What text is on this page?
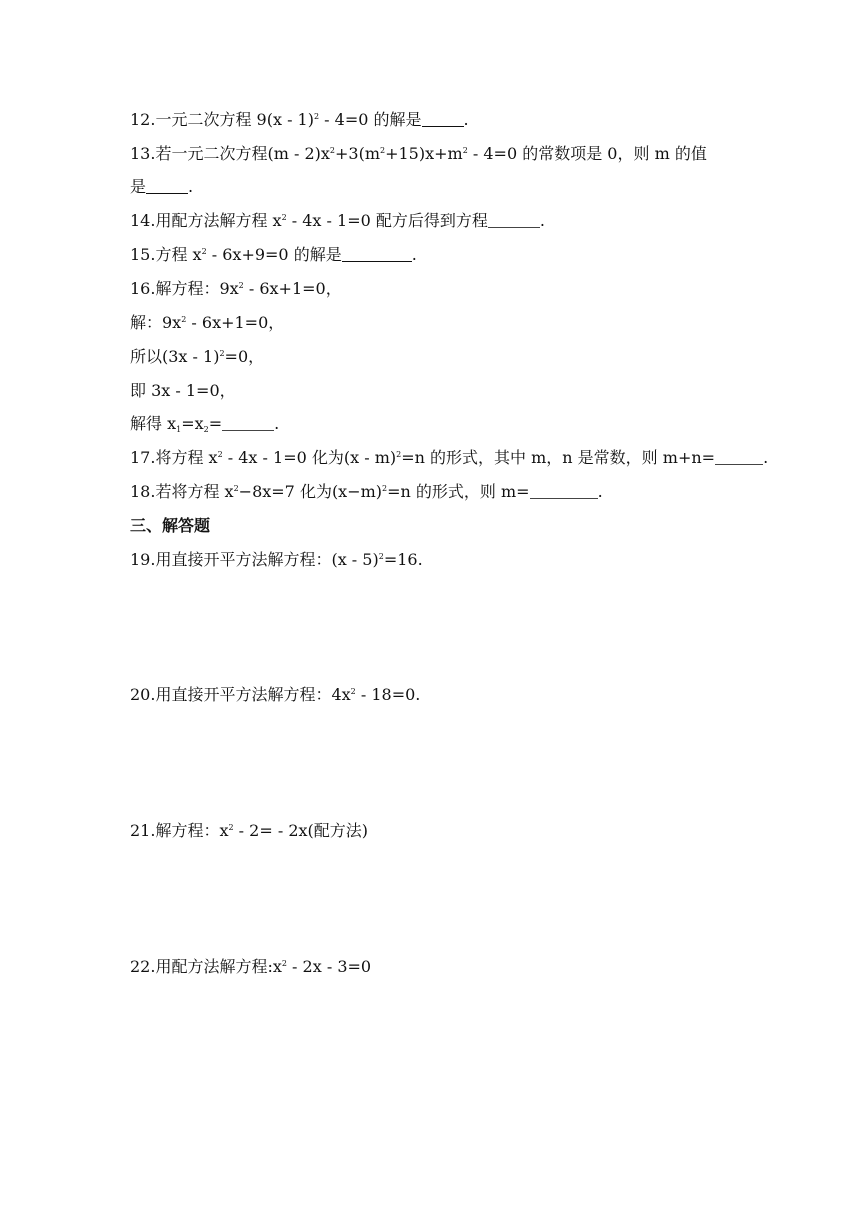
12.一元二次方程 9(x - 1)$^2$ - 4=0 的解是	.
13.若一元二次方程$(m - 2)x^2+3(m^2+15)x+m^2 - 4=0$ 的常数项是 0，则 m 的值
是	.
14.用配方法解方程 $x^2 - 4x - 1=0$ 配方后得到方程	.
15.方程 $x^2 - 6x+9=0$ 的解是	.
16.解方程：$9x^2 - 6x+1=0$，
解：$9x^2 - 6x+1=0$，
所以(3x - 1)$^2$=0，
即 3x - 1=0，
解得 $x_1=x_2=$	.
17.将方程 $x^2 - 4x - 1=0$ 化为(x - m)$^2$=n 的形式，其中 m，n 是常数，则 m+n=	.
18.若将方程 $x^2-8x=7$ 化为$(x-m)^2=n$ 的形式，则 m=	.
三、解答题
19.用直接开平方法解方程：(x - 5)$^2$=16.
20.用直接开平方法解方程：$4x^2 - 18=0$.
21.解方程：$x^2 - 2= - 2x$(配方法)
22.用配方法解方程$:x^2 - 2x - 3=0$
